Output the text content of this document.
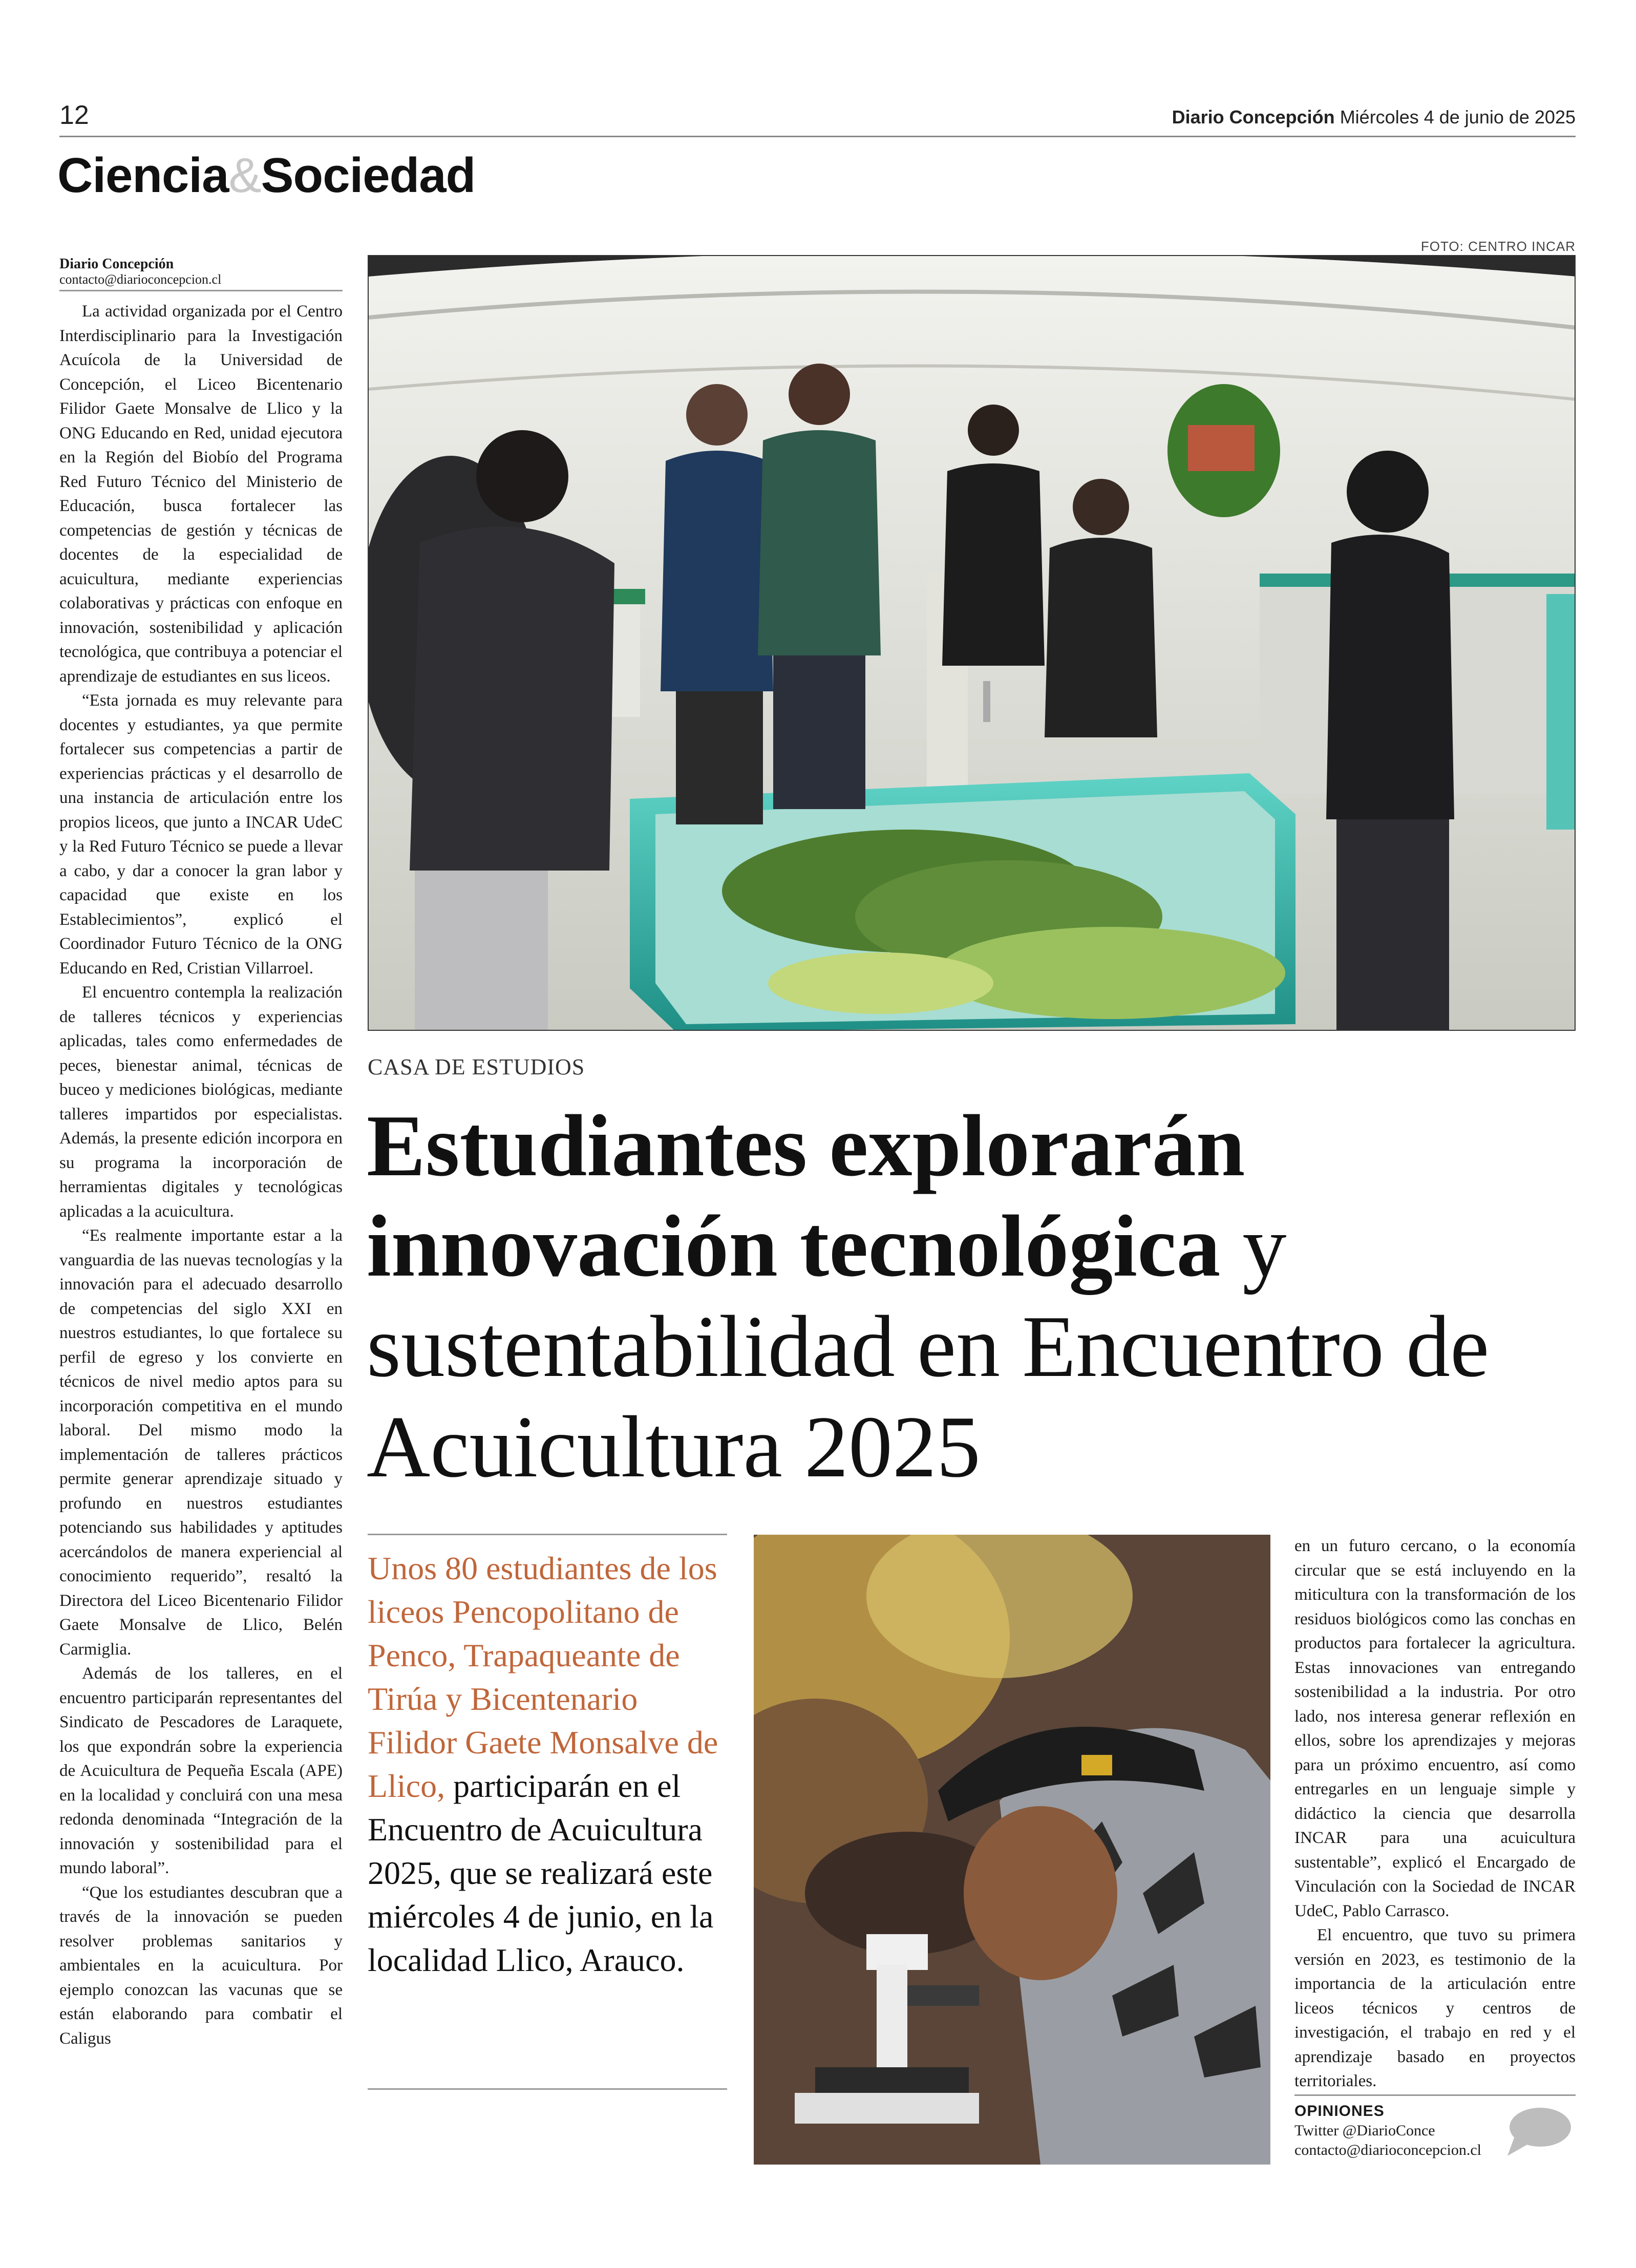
12	Diario Concepción Miércoles 4 de junio de 2025
Ciencia&Sociedad
Diario Concepción
contacto@diarioconcepcion.cl

La actividad organizada por el Centro Interdisciplinario para la Investigación Acuícola de la Universidad de Concepción, el Liceo Bicentenario Filidor Gaete Monsalve de Llico y la ONG Educando en Red, unidad ejecutora en la Región del Biobío del Programa Red Futuro Técnico del Ministerio de Educación, busca fortalecer las competencias de gestión y técnicas de docentes de la especialidad de acuicultura, mediante experiencias colaborativas y prácticas con enfoque en innovación, sostenibilidad y aplicación tecnológica, que contribuya a potenciar el aprendizaje de estudiantes en sus liceos.

“Esta jornada es muy relevante para docentes y estudiantes, ya que permite fortalecer sus competencias a partir de experiencias prácticas y el desarrollo de una instancia de articulación entre los propios liceos, que junto a INCAR UdeC y la Red Futuro Técnico se puede a llevar a cabo, y dar a conocer la gran labor y capacidad que existe en los Establecimientos”, explicó el Coordinador Futuro Técnico de la ONG Educando en Red, Cristian Villarroel.

El encuentro contempla la realización de talleres técnicos y experiencias aplicadas, tales como enfermedades de peces, bienestar animal, técnicas de buceo y mediciones biológicas, mediante talleres impartidos por especialistas. Además, la presente edición incorpora en su programa la incorporación de herramientas digitales y tecnológicas aplicadas a la acuicultura.

“Es realmente importante estar a la vanguardia de las nuevas tecnologías y la innovación para el adecuado desarrollo de competencias del siglo XXI en nuestros estudiantes, lo que fortalece su perfil de egreso y los convierte en técnicos de nivel medio aptos para su incorporación competitiva en el mundo laboral. Del mismo modo la implementación de talleres prácticos permite generar aprendizaje situado y profundo en nuestros estudiantes potenciando sus habilidades y aptitudes acercándolos de manera experiencial al conocimiento requerido”, resaltó la Directora del Liceo Bicentenario Filidor Gaete Monsalve de Llico, Belén Carmiglia.

Además de los talleres, en el encuentro participarán representantes del Sindicato de Pescadores de Laraquete, los que expondrán sobre la experiencia de Acuicultura de Pequeña Escala (APE) en la localidad y concluirá con una mesa redonda denominada “Integración de la innovación y sostenibilidad para el mundo laboral”.

“Que los estudiantes descubran que a través de la innovación se pueden resolver problemas sanitarios y ambientales en la acuicultura. Por ejemplo conozcan las vacunas que se están elaborando para combatir el Caligus

FOTO: CENTRO INCAR
CASA DE ESTUDIOS
Estudiantes explorarán innovación tecnológica y sustentabilidad en Encuentro de Acuicultura 2025
Unos 80 estudiantes de los liceos Pencopolitano de Penco, Trapaqueante de Tirúa y Bicentenario Filidor Gaete Monsalve de Llico, participarán en el Encuentro de Acuicultura 2025, que se realizará este miércoles 4 de junio, en la localidad Llico, Arauco.

en un futuro cercano, o la economía circular que se está incluyendo en la miticultura con la transformación de los residuos biológicos como las conchas en productos para fortalecer la agricultura. Estas innovaciones van entregando sostenibilidad a la industria. Por otro lado, nos interesa generar reflexión en ellos, sobre los aprendizajes y mejoras para un próximo encuentro, así como entregarles en un lenguaje simple y didáctico la ciencia que desarrolla INCAR para una acuicultura sustentable”, explicó el Encargado de Vinculación con la Sociedad de INCAR UdeC, Pablo Carrasco.

El encuentro, que tuvo su primera versión en 2023, es testimonio de la importancia de la articulación entre liceos técnicos y centros de investigación, el trabajo en red y el aprendizaje basado en proyectos territoriales.

OPINIONES
Twitter @DiarioConce
contacto@diarioconcepcion.cl
